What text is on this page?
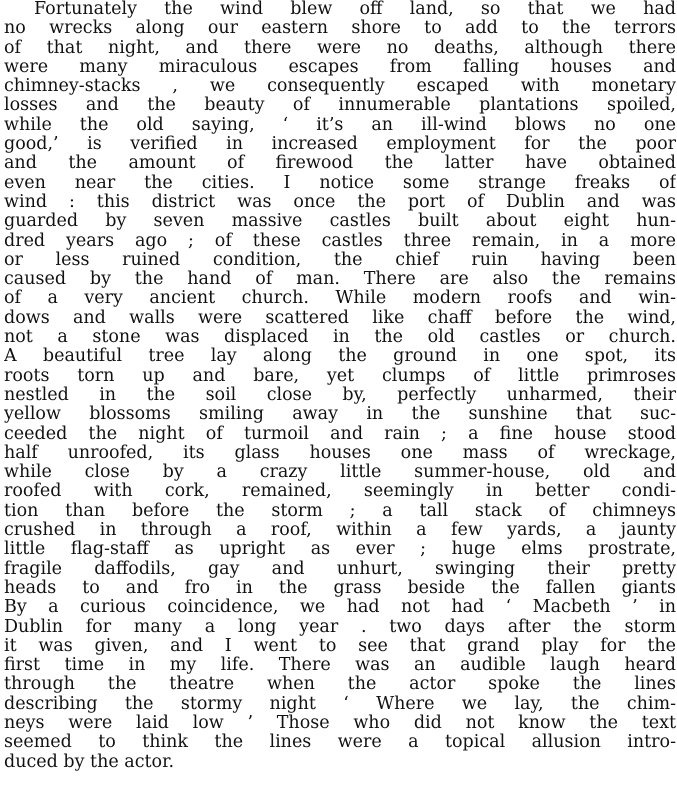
Fortunately the wind blew off land, so that we had
no wrecks along our eastern shore to add to the terrors
of that night, and there were no deaths, although there
were many miraculous escapes from falling houses and
chimney-stacks , we consequently escaped with monetary
losses and the beauty of innumerable plantations spoiled,
while the old saying, ‘ it’s an ill-wind blows no one
good,’ is verified in increased employment for the poor
and the amount of firewood the latter have obtained
even near the cities. I notice some strange freaks of
wind : this district was once the port of Dublin and was
guarded by seven massive castles built about eight hun-
dred years ago ; of these castles three remain, in a more
or less ruined condition, the chief ruin having been
caused by the hand of man. There are also the remains
of a very ancient church. While modern roofs and win-
dows and walls were scattered like chaff before the wind,
not a stone was displaced in the old castles or church.
A beautiful tree lay along the ground in one spot, its
roots torn up and bare, yet clumps of little primroses
nestled in the soil close by, perfectly unharmed, their
yellow blossoms smiling away in the sunshine that suc-
ceeded the night of turmoil and rain ; a fine house stood
half unroofed, its glass houses one mass of wreckage,
while close by a crazy little summer-house, old and
roofed with cork, remained, seemingly in better condi-
tion than before the storm ; a tall stack of chimneys
crushed in through a roof, within a few yards, a jaunty
little flag-staff as upright as ever ; huge elms prostrate,
fragile daffodils, gay and unhurt, swinging their pretty
heads to and fro in the grass beside the fallen giants
By a curious coincidence, we had not had ‘ Macbeth ’ in
Dublin for many a long year . two days after the storm
it was given, and I went to see that grand play for the
first time in my life. There was an audible laugh heard
through the theatre when the actor spoke the lines
describing the stormy night ‘ Where we lay, the chim-
neys were laid low ’ Those who did not know the text
seemed to think the lines were a topical allusion intro-
duced by the actor.
